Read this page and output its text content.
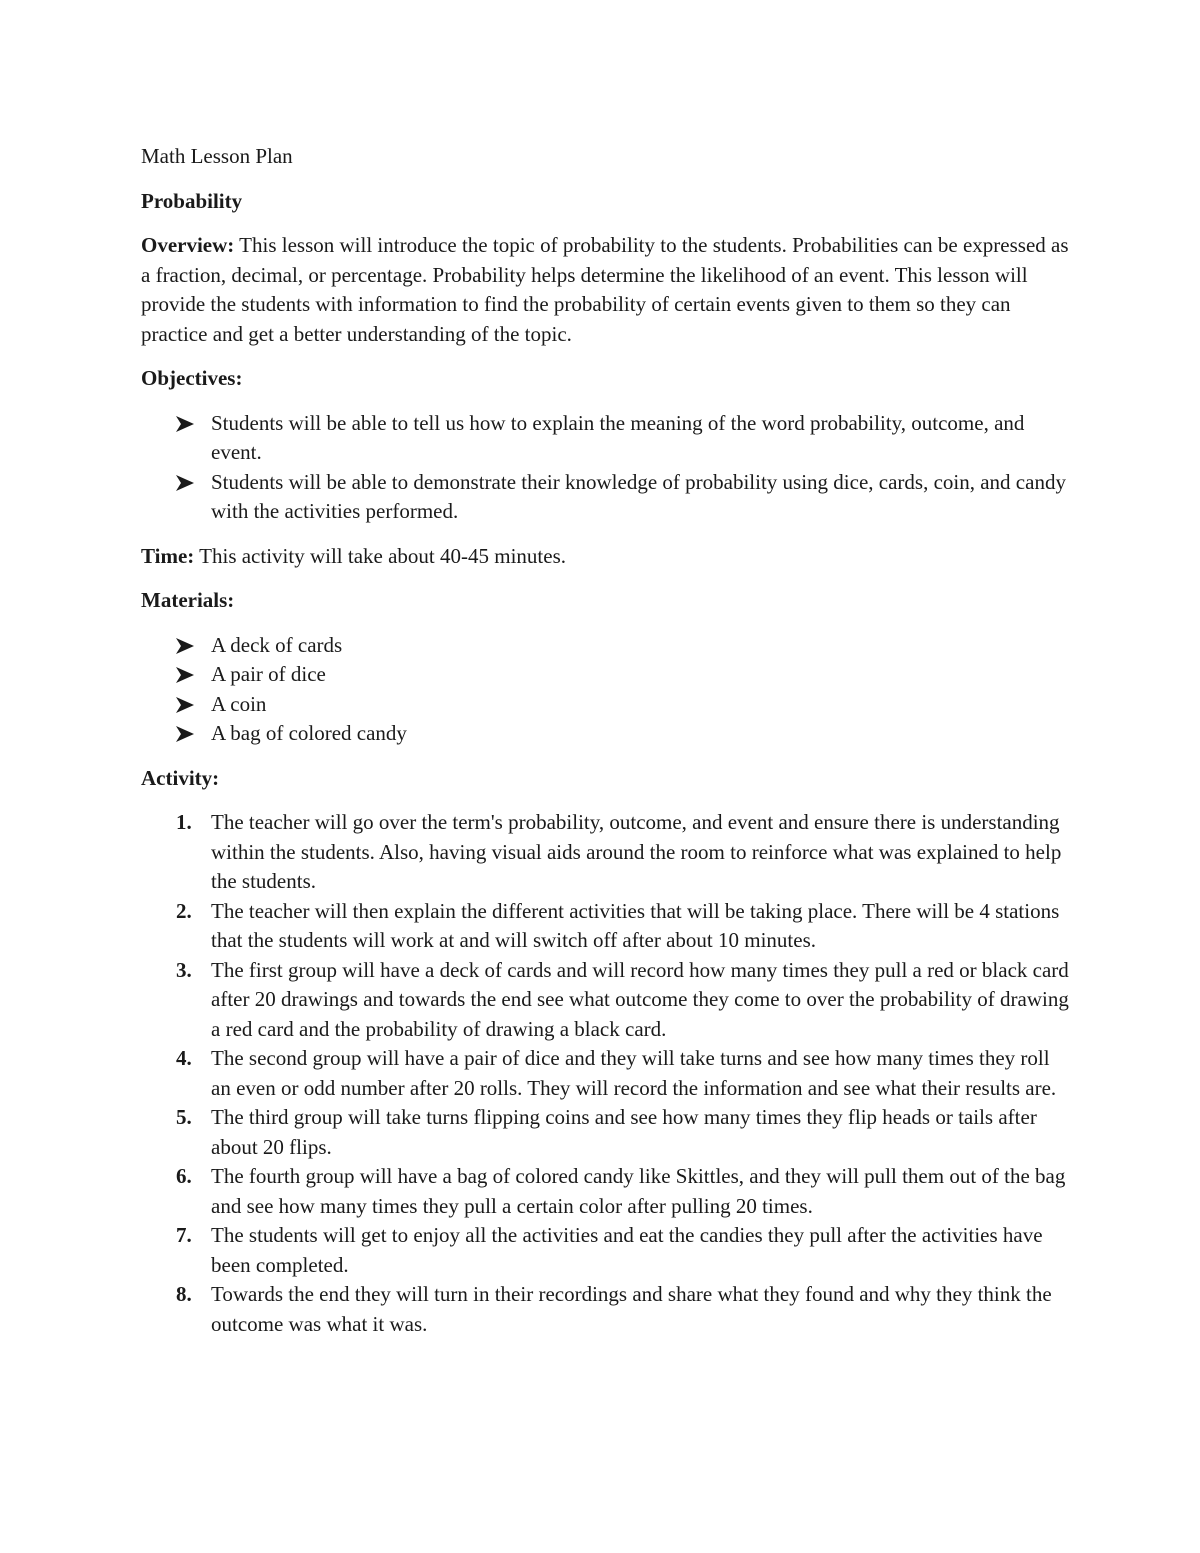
Math Lesson Plan
Probability

Overview: This lesson will introduce the topic of probability to the students. Probabilities can be expressed as a fraction, decimal, or percentage. Probability helps determine the likelihood of an event. This lesson will provide the students with information to find the probability of certain events given to them so they can practice and get a better understanding of the topic.

Objectives:
Students will be able to tell us how to explain the meaning of the word probability, outcome, and event.
Students will be able to demonstrate their knowledge of probability using dice, cards, coin, and candy with the activities performed.

Time: This activity will take about 40-45 minutes.

Materials:
A deck of cards
A pair of dice
A coin
A bag of colored candy
Activity:
1. The teacher will go over the term's probability, outcome, and event and ensure there is understanding within the students. Also, having visual aids around the room to reinforce what was explained to help the students.
2. The teacher will then explain the different activities that will be taking place. There will be 4 stations that the students will work at and will switch off after about 10 minutes.
3. The first group will have a deck of cards and will record how many times they pull a red or black card after 20 drawings and towards the end see what outcome they come to over the probability of drawing a red card and the probability of drawing a black card.
4. The second group will have a pair of dice and they will take turns and see how many times they roll an even or odd number after 20 rolls. They will record the information and see what their results are.
5. The third group will take turns flipping coins and see how many times they flip heads or tails after about 20 flips.
6. The fourth group will have a bag of colored candy like Skittles, and they will pull them out of the bag and see how many times they pull a certain color after pulling 20 times.
7. The students will get to enjoy all the activities and eat the candies they pull after the activities have been completed.
8. Towards the end they will turn in their recordings and share what they found and why they think the outcome was what it was.
